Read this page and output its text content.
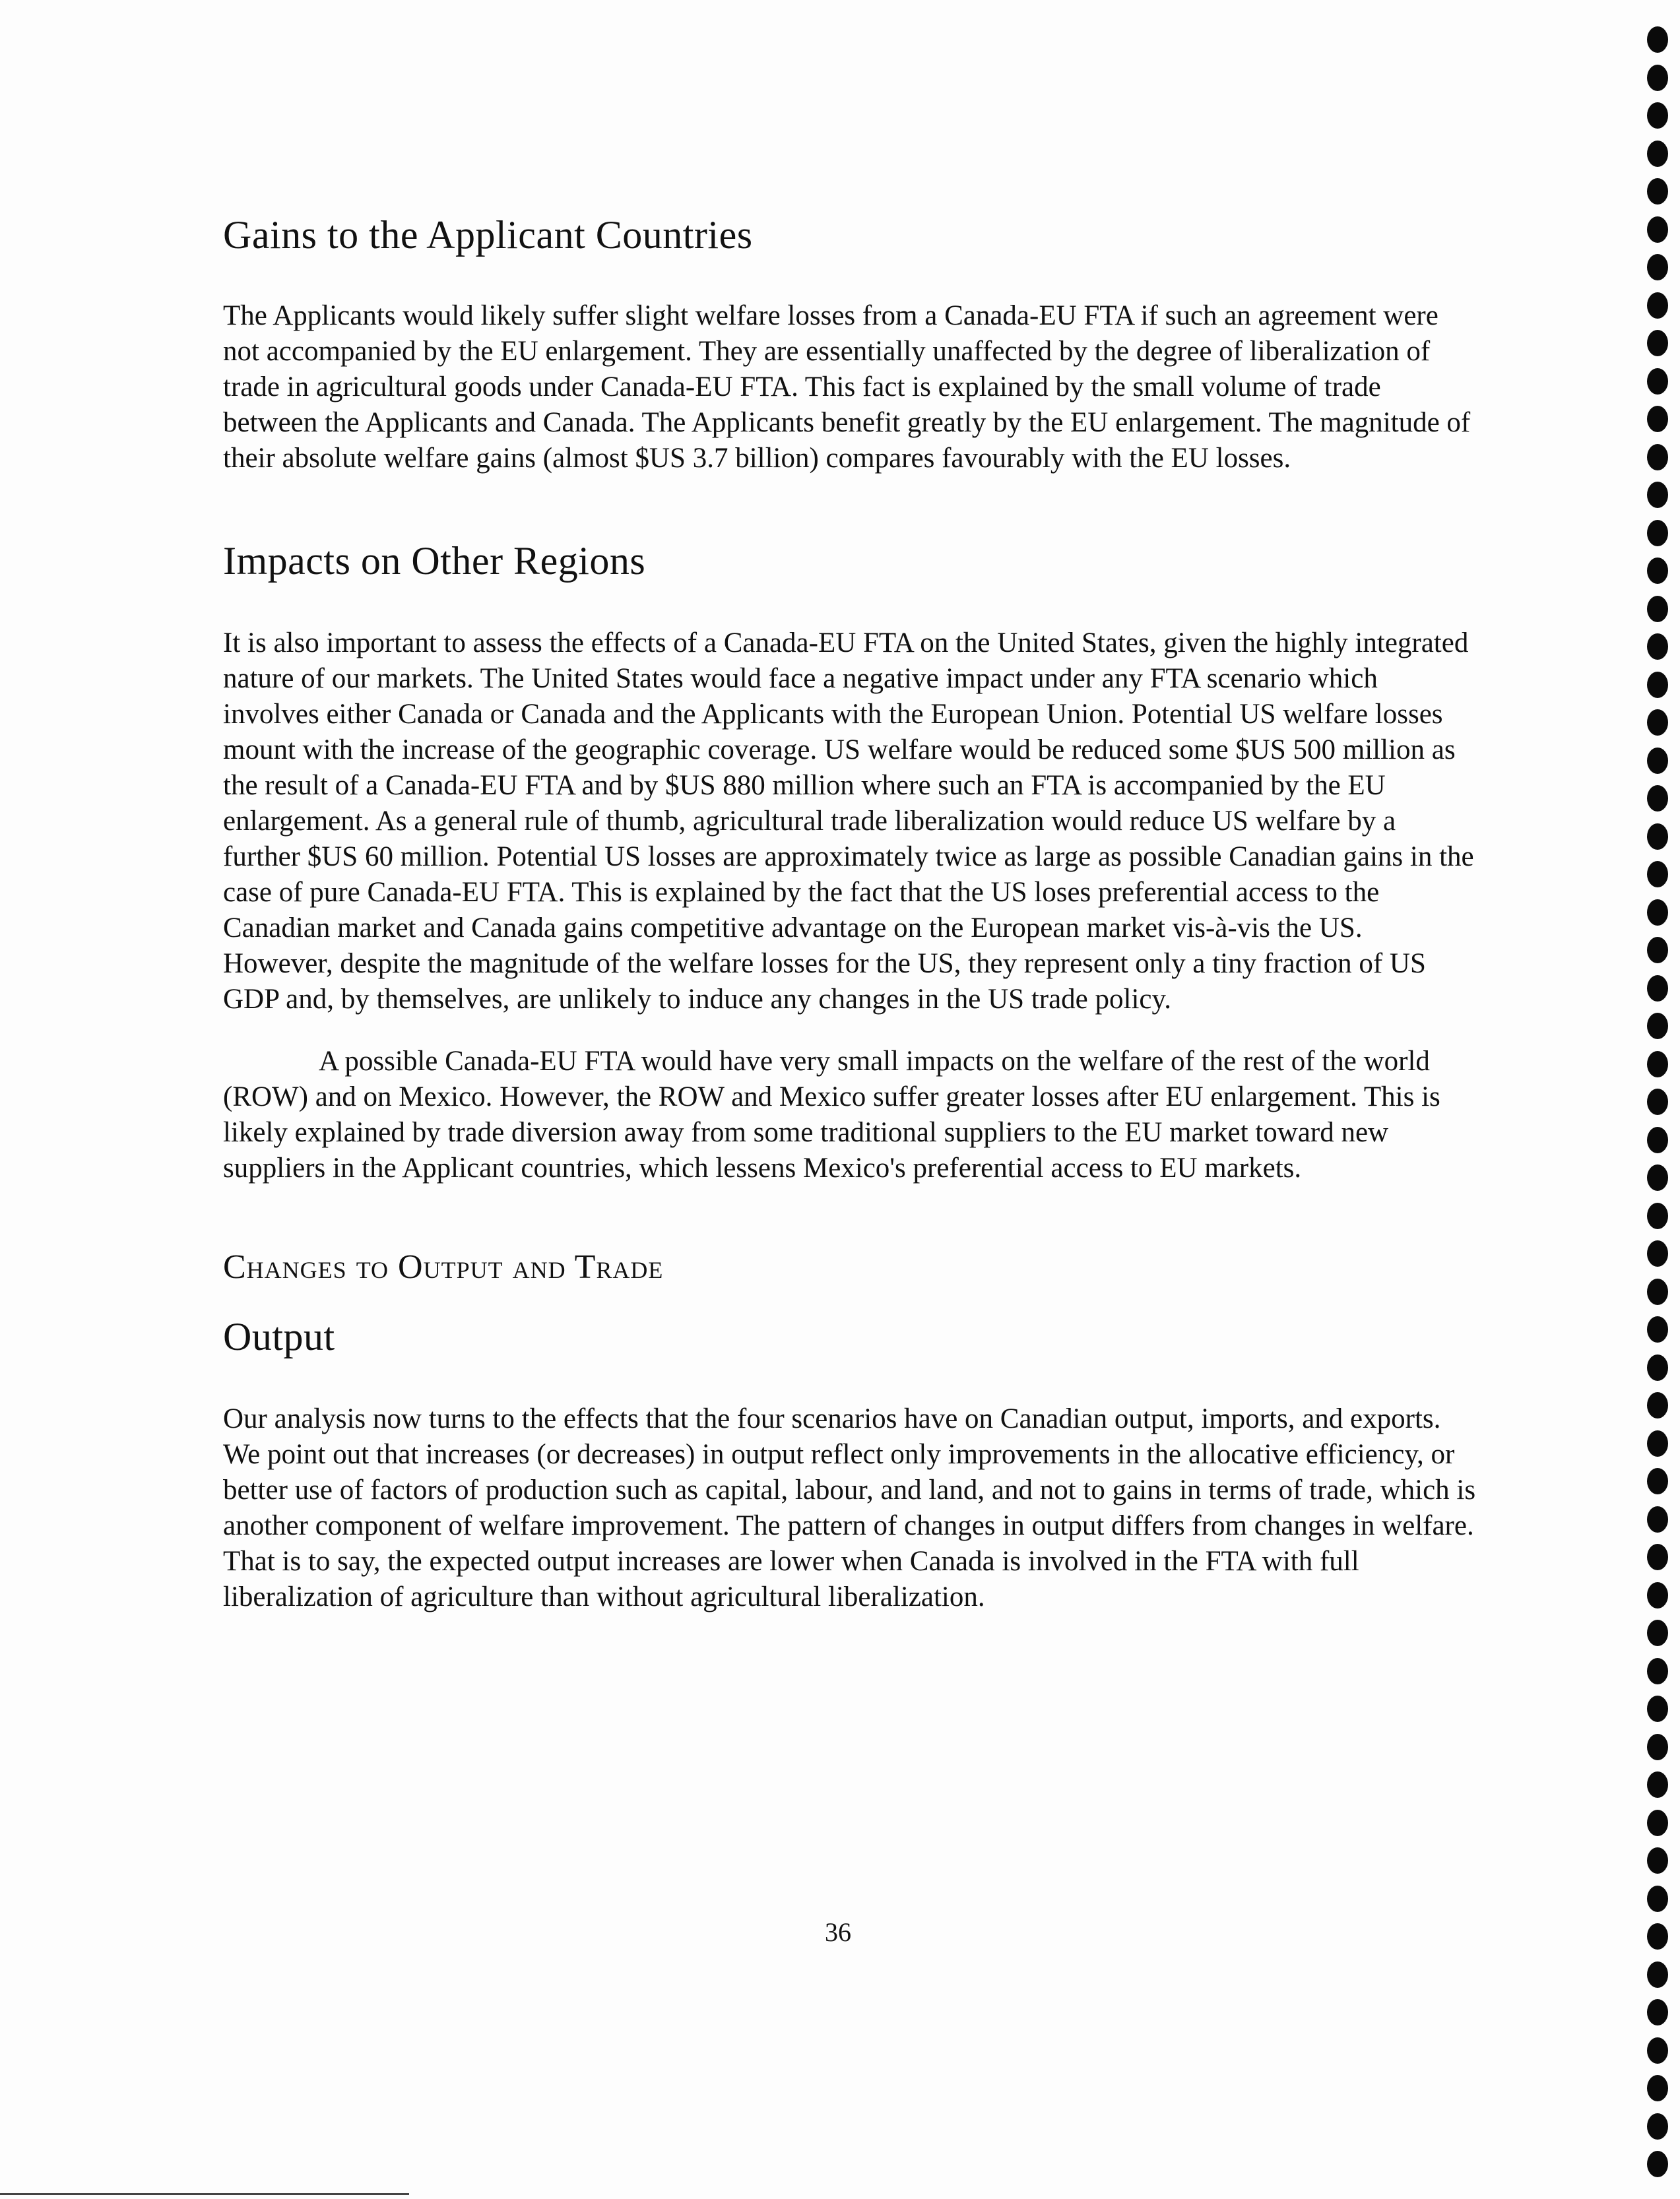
Gains to the Applicant Countries

The Applicants would likely suffer slight welfare losses from a Canada-EU FTA if such an agreement were not accompanied by the EU enlargement. They are essentially unaffected by the degree of liberalization of trade in agricultural goods under Canada-EU FTA. This fact is explained by the small volume of trade between the Applicants and Canada. The Applicants benefit greatly by the EU enlargement. The magnitude of their absolute welfare gains (almost $US 3.7 billion) compares favourably with the EU losses.

Impacts on Other Regions

It is also important to assess the effects of a Canada-EU FTA on the United States, given the highly integrated nature of our markets. The United States would face a negative impact under any FTA scenario which involves either Canada or Canada and the Applicants with the European Union. Potential US welfare losses mount with the increase of the geographic coverage. US welfare would be reduced some $US 500 million as the result of a Canada-EU FTA and by $US 880 million where such an FTA is accompanied by the EU enlargement. As a general rule of thumb, agricultural trade liberalization would reduce US welfare by a further $US 60 million. Potential US losses are approximately twice as large as possible Canadian gains in the case of pure Canada-EU FTA. This is explained by the fact that the US loses preferential access to the Canadian market and Canada gains competitive advantage on the European market vis-à-vis the US. However, despite the magnitude of the welfare losses for the US, they represent only a tiny fraction of US GDP and, by themselves, are unlikely to induce any changes in the US trade policy.

A possible Canada-EU FTA would have very small impacts on the welfare of the rest of the world (ROW) and on Mexico. However, the ROW and Mexico suffer greater losses after EU enlargement. This is likely explained by trade diversion away from some traditional suppliers to the EU market toward new suppliers in the Applicant countries, which lessens Mexico's preferential access to EU markets.

Changes to Output and Trade
Output

Our analysis now turns to the effects that the four scenarios have on Canadian output, imports, and exports. We point out that increases (or decreases) in output reflect only improvements in the allocative efficiency, or better use of factors of production such as capital, labour, and land, and not to gains in terms of trade, which is another component of welfare improvement. The pattern of changes in output differs from changes in welfare. That is to say, the expected output increases are lower when Canada is involved in the FTA with full liberalization of agriculture than without agricultural liberalization.

36
